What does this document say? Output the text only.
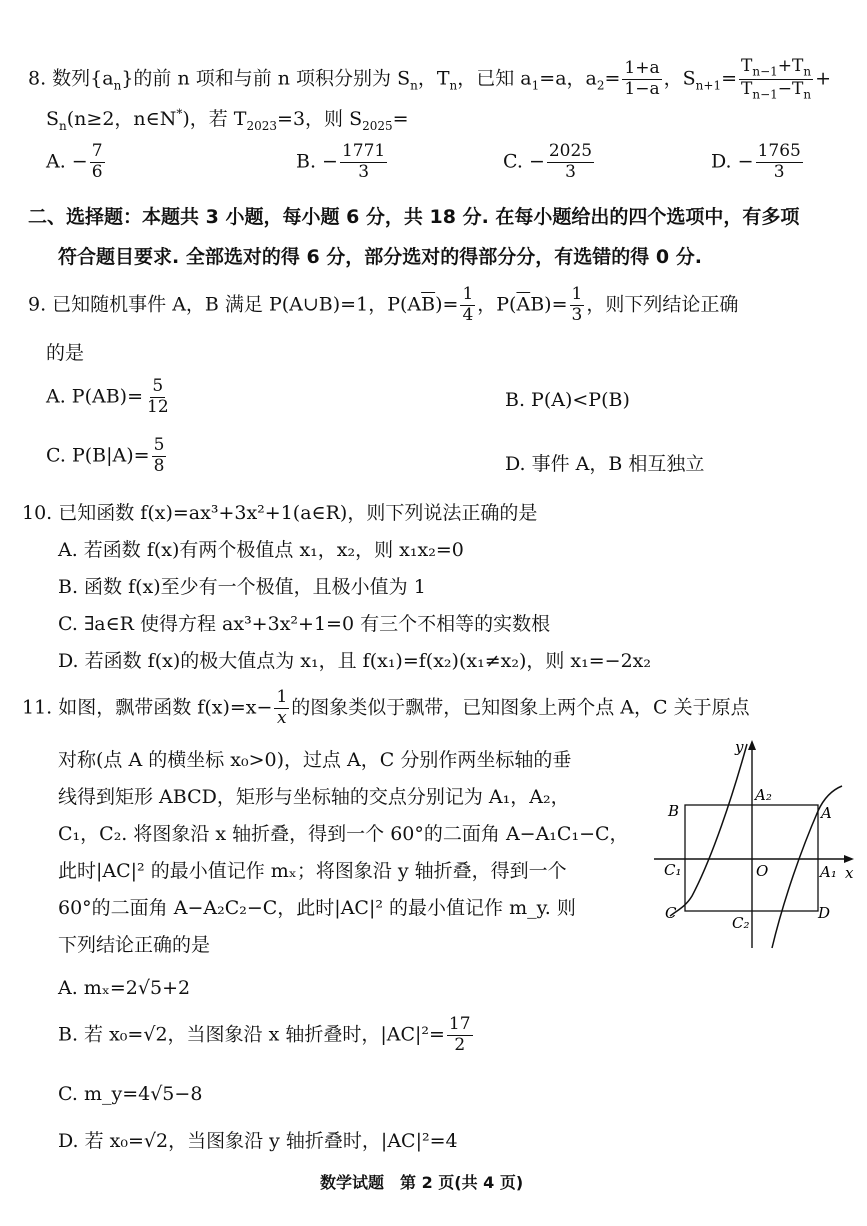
8. 数列$\{a_n\}$的前 n 项和与前 n 项积分别为 $S_n$，$T_n$，已知 $a_1=a$，$a_2= \frac{1+a}{1-a}$ ，$S_{n+1}= \frac{T_{n-1}+T_n}{T_{n-1}-T_n}$ +
$S_n(n\ge 2$，n∈N*)，若 $T_{2023}=3$，则 $S_{2025}=$
A. − $\frac{7}{6}$	B. − $\frac{1771}{3}$	C. − $\frac{2025}{3}$	D. − $\frac{1765}{3}$
二、选择题：本题共 3 小题，每小题 6 分，共 18 分. 在每小题给出的四个选项中，有多项
符合题目要求. 全部选对的得 6 分，部分选对的得部分分，有选错的得 0 分.
9. 已知随机事件 A，B 满足 P(A∪B)=1，$P(A\overline{B})= \frac{1}{4}$ ，$P(\overline{A}B)= \frac{1}{3}$ ，则下列结论正确
的是
A. $P(AB)= \frac{5}{12}$	B. P(A)<P(B)
C. $P(B|A)= \frac{5}{8}$	D. 事件 A，B 相互独立
10. 已知函数 f(x)=ax³+3x²+1(a∈R)，则下列说法正确的是
A. 若函数 f(x)有两个极值点 x₁，x₂，则 x₁x₂=0
B. 函数 f(x)至少有一个极值，且极小值为 1
C. ∃a∈R 使得方程 ax³+3x²+1=0 有三个不相等的实数根
D. 若函数 f(x)的极大值点为 x₁，且 f(x₁)=f(x₂)(x₁≠x₂)，则 x₁=−2x₂
11. 如图，飘带函数 $f(x)=x- \frac{1}{x}$ 的图象类似于飘带，已知图象上两个点 A，C 关于原点
对称(点 A 的横坐标 x₀>0)，过点 A，C 分别作两坐标轴的垂
线得到矩形 ABCD，矩形与坐标轴的交点分别记为 A₁，A₂，
C₁，C₂. 将图象沿 x 轴折叠，得到一个 60°的二面角 A−A₁C₁−C，
此时|AC|² 的最小值记作 mₓ；将图象沿 y 轴折叠，得到一个
60°的二面角 A−A₂C₂−C，此时|AC|² 的最小值记作 m_y. 则
下列结论正确的是
A. mₓ=2√5+2
B. 若 x₀=√2，当图象沿 x 轴折叠时，$|AC|^2= \frac{17}{2}$
C. m_y=4√5−8
D. 若 x₀=√2，当图象沿 y 轴折叠时，|AC|²=4
y
x
A₂
B	A
C₁	O	A₁
C
C₂
D
数学试题　第 2 页(共 4 页)
